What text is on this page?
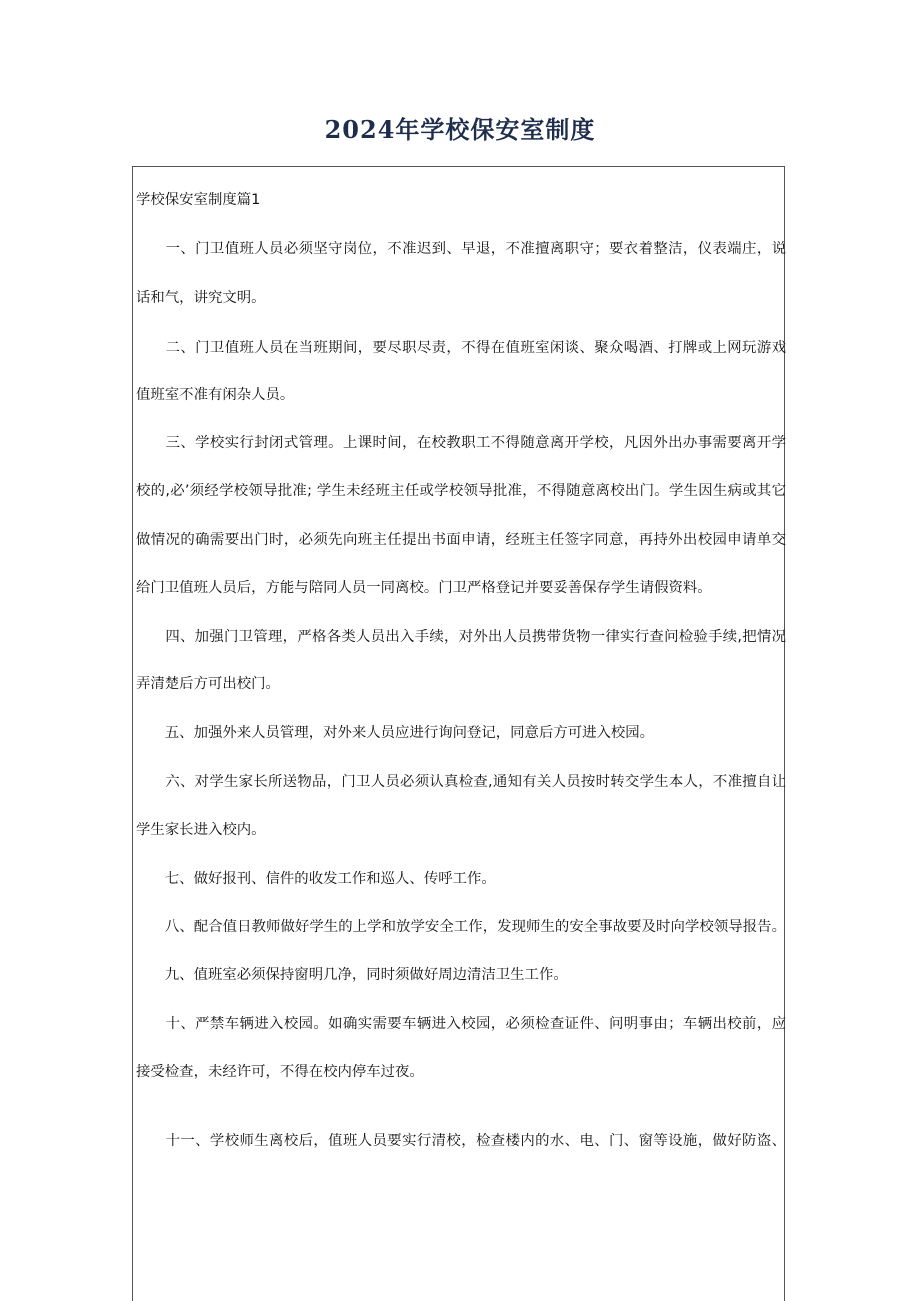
2024年学校保安室制度
学校保安室制度篇1
　　一、门卫值班人员必须坚守岗位，不准迟到、早退，不准擅离职守；要衣着整洁，仪表端庄，说
话和气，讲究文明。
　　二、门卫值班人员在当班期间，要尽职尽责，不得在值班室闲谈、聚众喝酒、打牌或上网玩游戏
值班室不准有闲杂人员。
　　三、学校实行封闭式管理。上课时间，在校教职工不得随意离开学校，凡因外出办事需要离开学
校的,必’须经学校领导批准; 学生未经班主任或学校领导批准，不得随意离校出门。学生因生病或其它
做情况的确需要出门时，必须先向班主任提出书面申请，经班主任签字同意，再持外出校园申请单交
给门卫值班人员后，方能与陪同人员一同离校。门卫严格登记并要妥善保存学生请假资料。
　　四、加强门卫管理，严格各类人员出入手续，对外出人员携带货物一律实行查问检验手续,把情况
弄清楚后方可出校门。
　　五、加强外来人员管理，对外来人员应进行询问登记，同意后方可进入校园。
　　六、对学生家长所送物品，门卫人员必须认真检查,通知有关人员按时转交学生本人，不准擅自让
学生家长进入校内。
　　七、做好报刊、信件的收发工作和巡人、传呼工作。
　　八、配合值日教师做好学生的上学和放学安全工作，发现师生的安全事故要及时向学校领导报告。
　　九、值班室必须保持窗明几净，同时须做好周边清洁卫生工作。
　　十、严禁车辆进入校园。如确实需要车辆进入校园，必须检查证件、问明事由；车辆出校前，应
接受检查，未经许可，不得在校内停车过夜。
　　十一、学校师生离校后，值班人员要实行清校，检查楼内的水、电、门、窗等设施，做好防盗、
